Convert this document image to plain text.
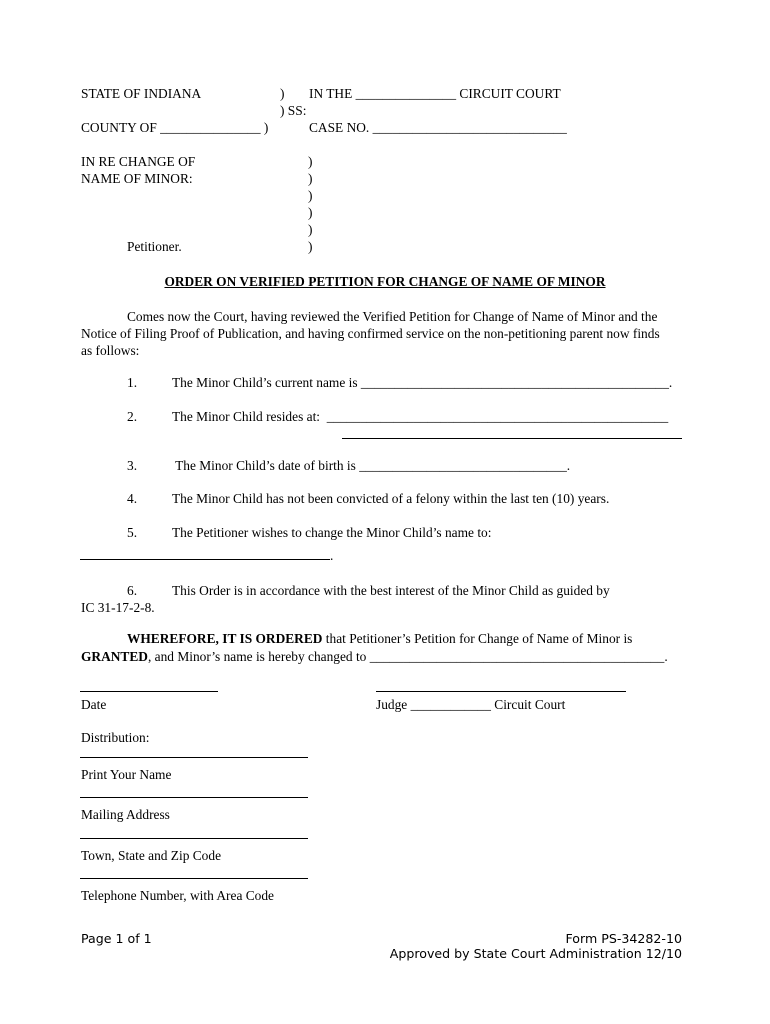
STATE OF INDIANA	) IN THE _______________ CIRCUIT COURT
) SS:
COUNTY OF _______________ )	CASE NO. _____________________________
IN RE CHANGE OF
NAME OF MINOR:
)
)
)
)
)
)
Petitioner.
ORDER ON VERIFIED PETITION FOR CHANGE OF NAME OF MINOR
Comes now the Court, having reviewed the Verified Petition for Change of Name of Minor and the
Notice of Filing Proof of Publication, and having confirmed service on the non-petitioning parent now finds
as follows:
1.	The Minor Child’s current name is ______________________________________________.
2.	The Minor Child resides at:  ___________________________________________________
3.	The Minor Child’s date of birth is _______________________________.
4.	The Minor Child has not been convicted of a felony within the last ten (10) years.
5.	The Petitioner wishes to change the Minor Child’s name to:
.
6.	This Order is in accordance with the best interest of the Minor Child as guided by
IC 31-17-2-8.
WHEREFORE, IT IS ORDERED that Petitioner’s Petition for Change of Name of Minor is
GRANTED, and Minor’s name is hereby changed to ____________________________________________.
Date	Judge ____________ Circuit Court
Distribution:
Print Your Name
Mailing Address
Town, State and Zip Code
Telephone Number, with Area Code
Page 1 of 1	Form PS-34282-10
Approved by State Court Administration 12/10
